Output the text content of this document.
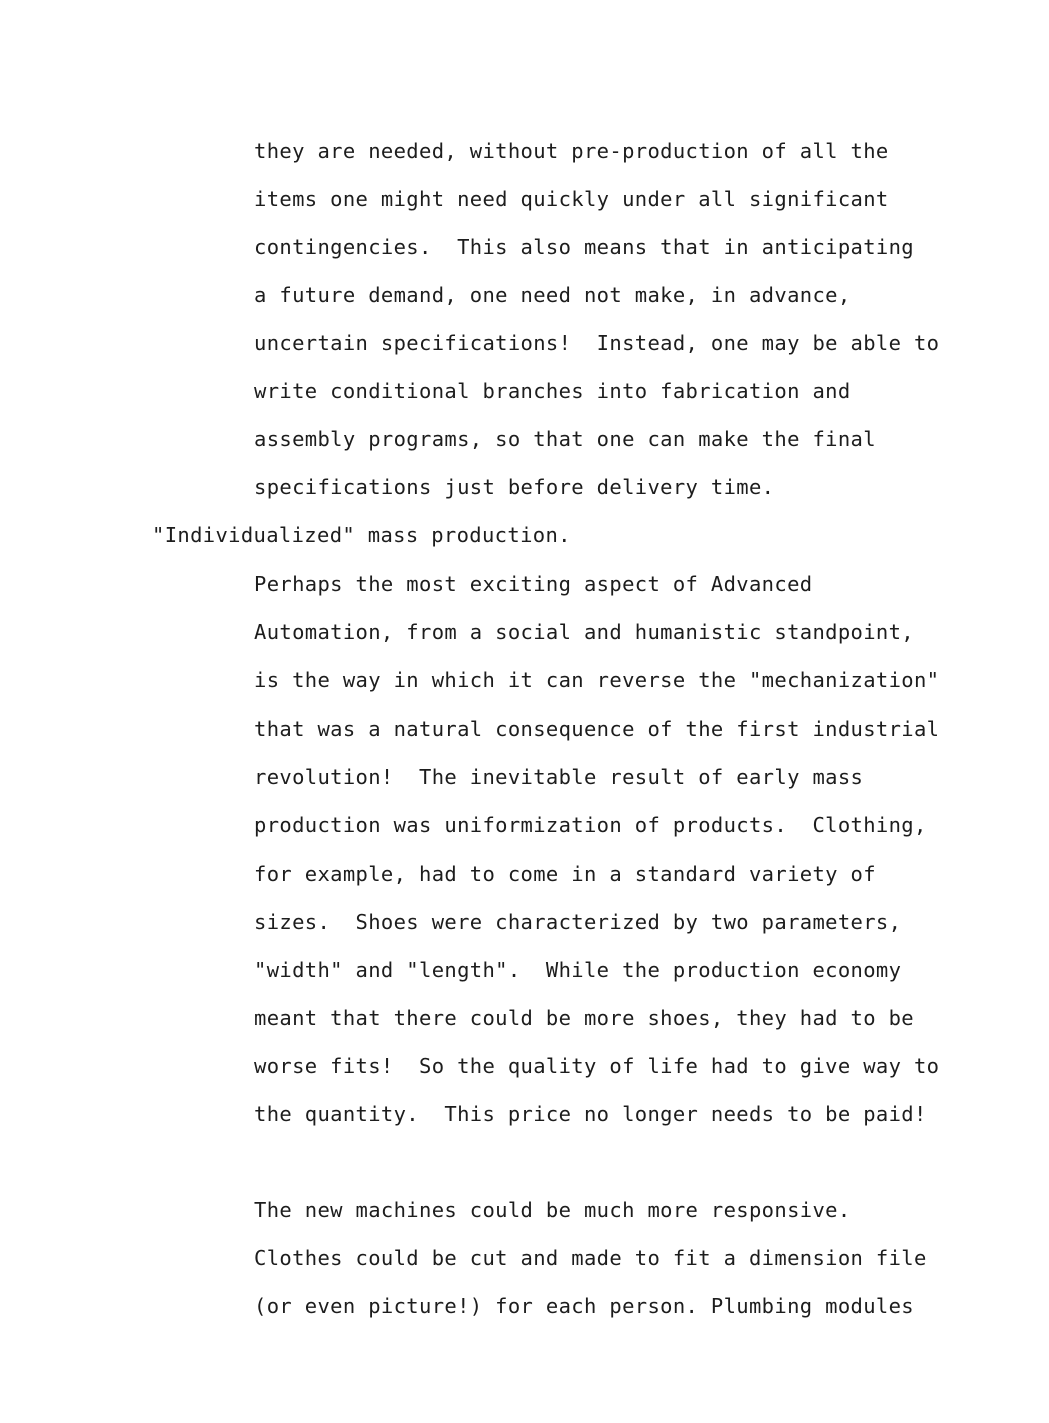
they are needed, without pre-production of all the
items one might need quickly under all significant
contingencies.  This also means that in anticipating
a future demand, one need not make, in advance,
uncertain specifications!  Instead, one may be able to
write conditional branches into fabrication and
assembly programs, so that one can make the final
specifications just before delivery time.
"Individualized" mass production.
Perhaps the most exciting aspect of Advanced
Automation, from a social and humanistic standpoint,
is the way in which it can reverse the "mechanization"
that was a natural consequence of the first industrial
revolution!  The inevitable result of early mass
production was uniformization of products.  Clothing,
for example, had to come in a standard variety of
sizes.  Shoes were characterized by two parameters,
"width" and "length".  While the production economy
meant that there could be more shoes, they had to be
worse fits!  So the quality of life had to give way to
the quantity.  This price no longer needs to be paid!
The new machines could be much more responsive.
Clothes could be cut and made to fit a dimension file
(or even picture!) for each person. Plumbing modules
